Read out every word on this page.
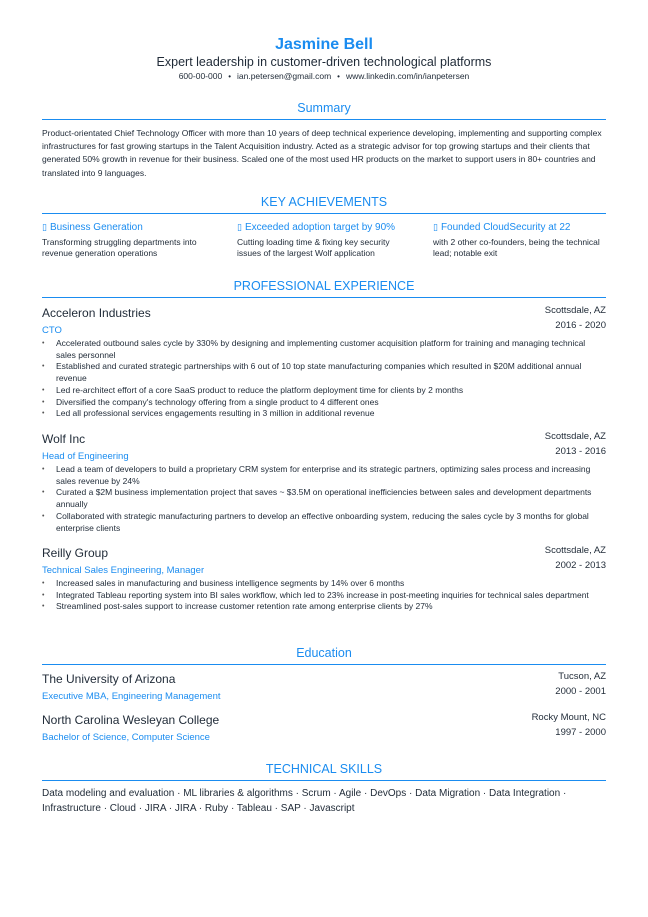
Jasmine Bell
Expert leadership in customer-driven technological platforms
600-00-000 • ian.petersen@gmail.com • www.linkedin.com/in/ianpetersen
Summary
Product-orientated Chief Technology Officer with more than 10 years of deep technical experience developing, implementing and supporting complex infrastructures for fast growing startups in the Talent Acquisition industry. Acted as a strategic advisor for top growing startups and their clients that generated 50% growth in revenue for their business. Scaled one of the most used HR products on the market to support users in 80+ countries and translated into 9 languages.
KEY ACHIEVEMENTS
▯ Business Generation
Transforming struggling departments into revenue generation operations
▯ Exceeded adoption target by 90%
Cutting loading time & fixing key security issues of the largest Wolf application
▯ Founded CloudSecurity at 22
with 2 other co-founders, being the technical lead; notable exit
PROFESSIONAL EXPERIENCE
Acceleron Industries	Scottsdale, AZ
CTO	2016 - 2020
• Accelerated outbound sales cycle by 330% by designing and implementing customer acquisition platform for training and managing technical sales personnel
• Established and curated strategic partnerships with 6 out of 10 top state manufacturing companies which resulted in $20M additional annual revenue
• Led re-architect effort of a core SaaS product to reduce the platform deployment time for clients by 2 months
• Diversified the company's technology offering from a single product to 4 different ones
• Led all professional services engagements resulting in 3 million in additional revenue
Wolf Inc	Scottsdale, AZ
Head of Engineering	2013 - 2016
• Lead a team of developers to build a proprietary CRM system for enterprise and its strategic partners, optimizing sales process and increasing sales revenue by 24%
• Curated a $2M business implementation project that saves ~ $3.5M on operational inefficiencies between sales and development departments annually
• Collaborated with strategic manufacturing partners to develop an effective onboarding system, reducing the sales cycle by 3 months for global enterprise clients
Reilly Group	Scottsdale, AZ
Technical Sales Engineering, Manager	2002 - 2013
• Increased sales in manufacturing and business intelligence segments by 14% over 6 months
• Integrated Tableau reporting system into BI sales workflow, which led to 23% increase in post-meeting inquiries for technical sales department
• Streamlined post-sales support to increase customer retention rate among enterprise clients by 27%
Education
The University of Arizona	Tucson, AZ
Executive MBA, Engineering Management	2000 - 2001
North Carolina Wesleyan College	Rocky Mount, NC
Bachelor of Science, Computer Science	1997 - 2000
TECHNICAL SKILLS
Data modeling and evaluation · ML libraries & algorithms · Scrum · Agile · DevOps · Data Migration · Data Integration · Infrastructure · Cloud · JIRA · JIRA · Ruby · Tableau · SAP · Javascript
